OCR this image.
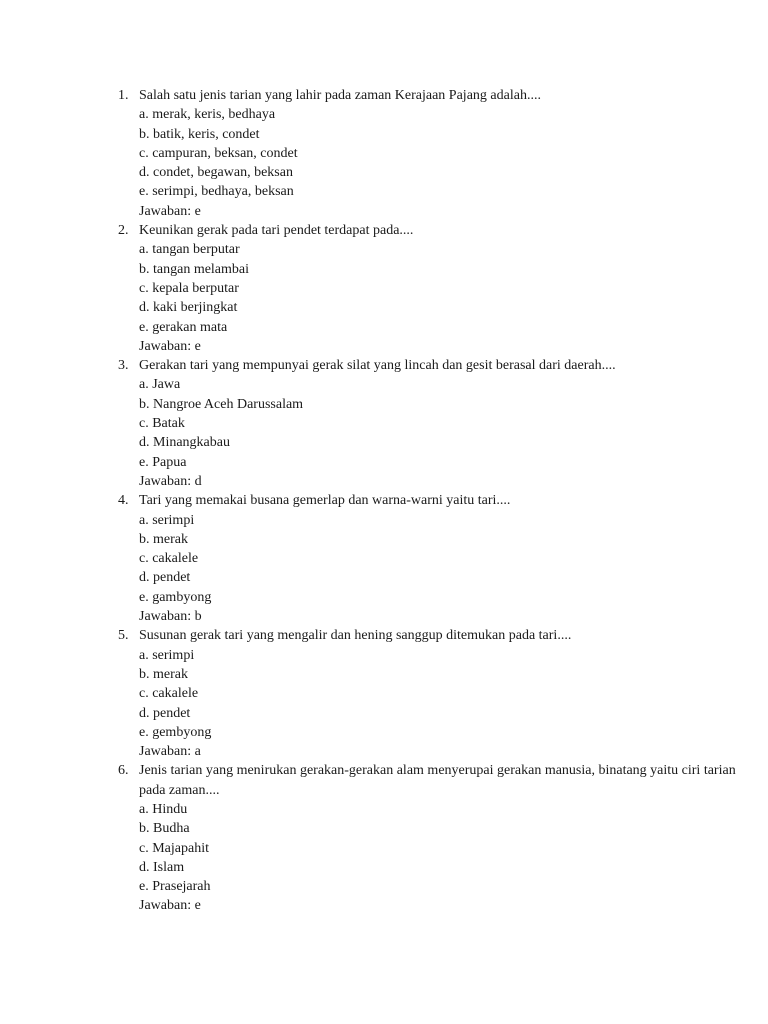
1. Salah satu jenis tarian yang lahir pada zaman Kerajaan Pajang adalah....
a. merak, keris, bedhaya
b. batik, keris, condet
c. campuran, beksan, condet
d. condet, begawan, beksan
e. serimpi, bedhaya, beksan
Jawaban: e
2. Keunikan gerak pada tari pendet terdapat pada....
a. tangan berputar
b. tangan melambai
c. kepala berputar
d. kaki berjingkat
e. gerakan mata
Jawaban: e
3. Gerakan tari yang mempunyai gerak silat yang lincah dan gesit berasal dari daerah....
a. Jawa
b. Nangroe Aceh Darussalam
c. Batak
d. Minangkabau
e. Papua
Jawaban: d
4. Tari yang memakai busana gemerlap dan warna-warni yaitu tari....
a. serimpi
b. merak
c. cakalele
d. pendet
e. gambyong
Jawaban: b
5. Susunan gerak tari yang mengalir dan hening sanggup ditemukan pada tari....
a. serimpi
b. merak
c. cakalele
d. pendet
e. gembyong
Jawaban: a
6. Jenis tarian yang menirukan gerakan-gerakan alam menyerupai gerakan manusia, binatang yaitu ciri tarian pada zaman....
a. Hindu
b. Budha
c. Majapahit
d. Islam
e. Prasejarah
Jawaban: e
